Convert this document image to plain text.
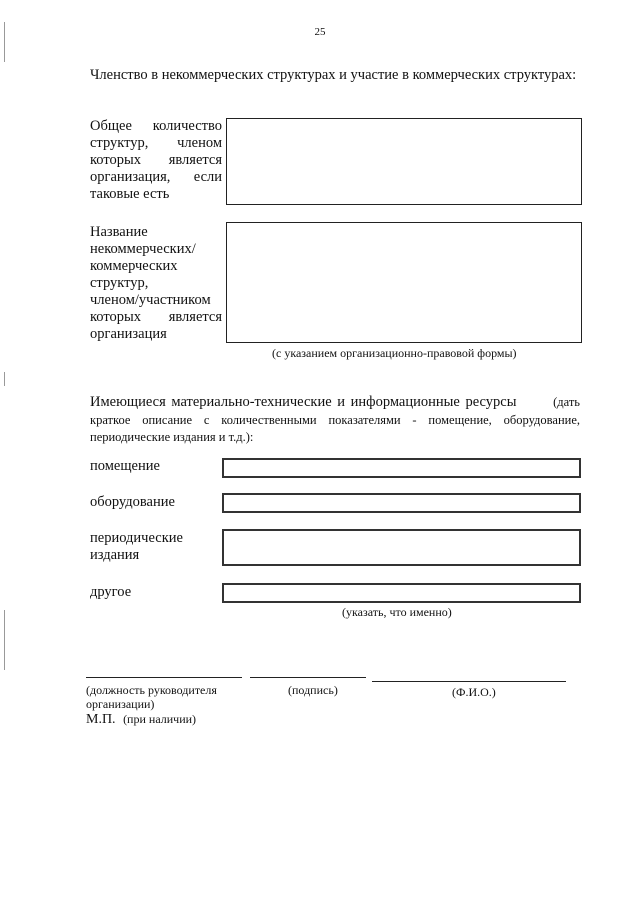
25
Членство в некоммерческих структурах и участие в коммерческих структурах:
Общее количество
структур, членом
которых является
организация, если
таковые есть
Название
некоммерческих/
коммерческих
структур,
членом/участником
которых является
организация
(с указанием организационно-правовой формы)
Имеющиеся материально-технические и информационные ресурсы	(дать
краткое описание с количественными показателями - помещение, оборудование, периодические издания и т.д.):
помещение
оборудование
периодические
издания
другое
(указать, что именно)
(должность руководителя
организации)
(подпись)	(Ф.И.О.)
М.П. (при наличии)
